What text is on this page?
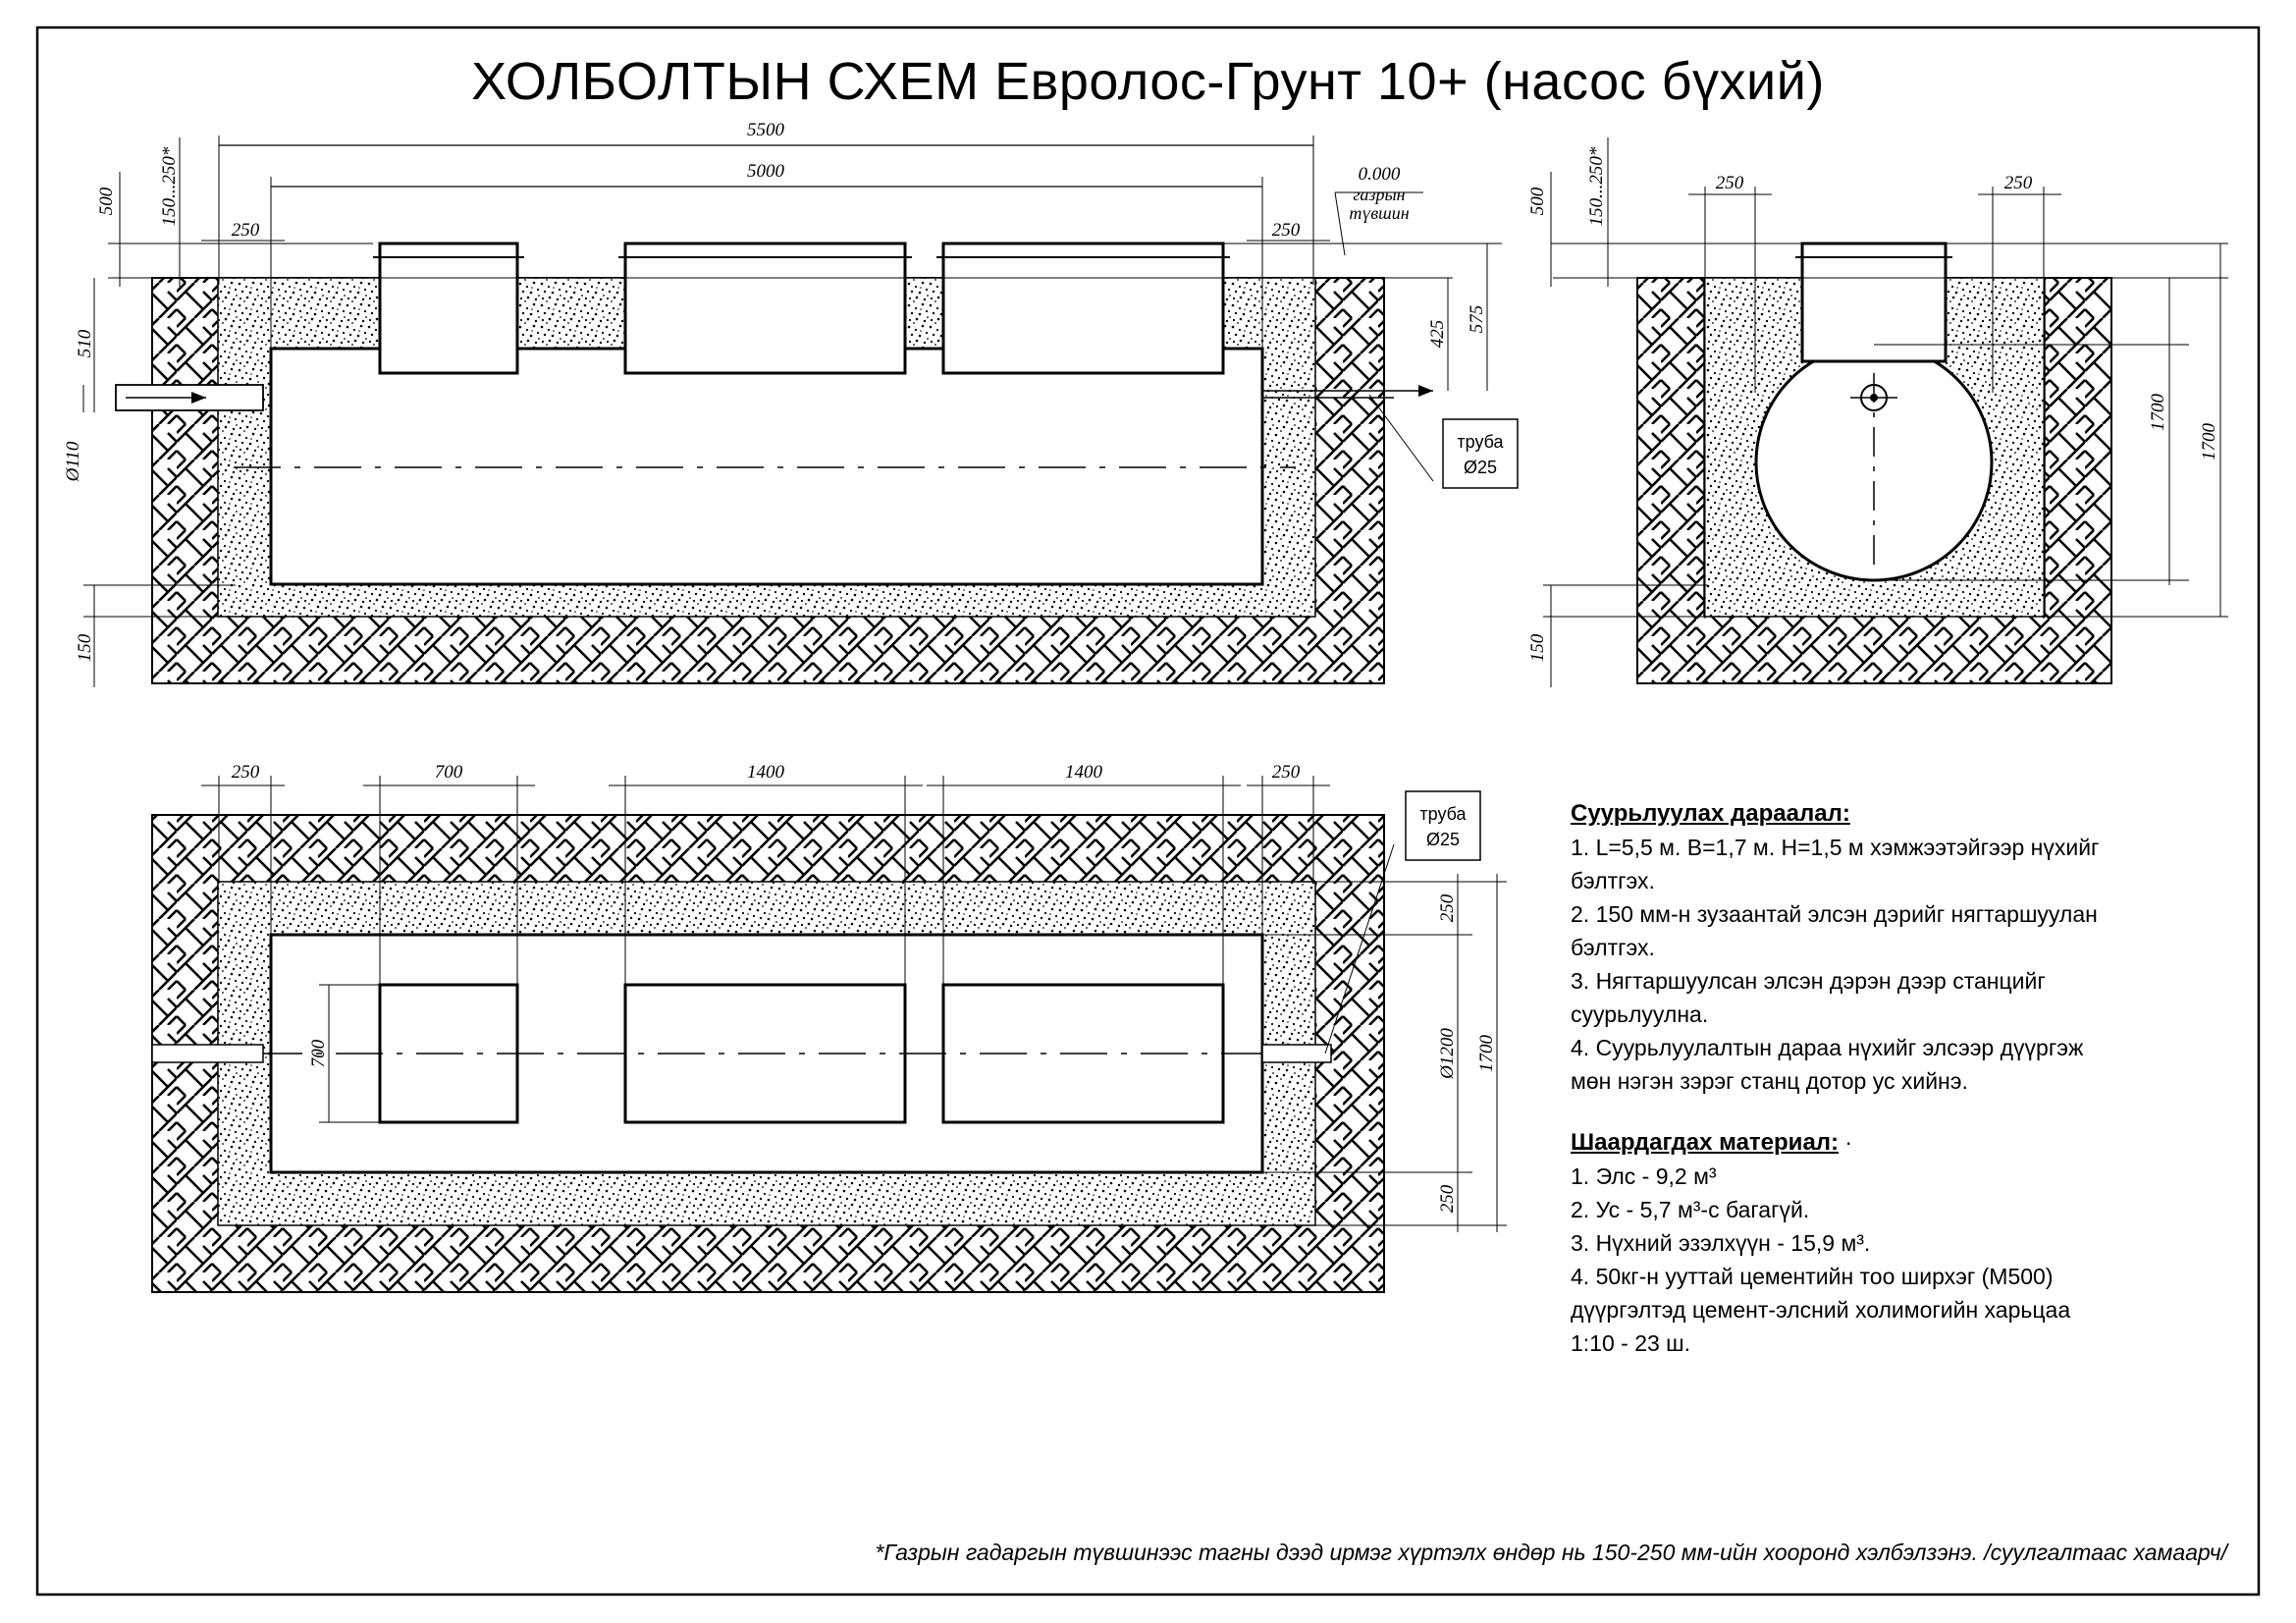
5500
5000
250	250
0.000
газрын
түвшин
500 150...250*
510
Ø110
150
425
575
труба
Ø25
250	250
500 150...250*
150
1700
1700
250	700	1400	1400	250
700
250
Ø1200
250
1700
труба
Ø25
ХОЛБОЛТЫН СХЕМ Евролос-Грунт 10+ (насос бүхий)
Суурьлуулах дараалал:
1. L=5,5 м. B=1,7 м. H=1,5 м хэмжээтэйгээр нүхийг
бэлтгэх.
2. 150 мм-н зузаантай элсэн дэрийг нягтаршуулан
бэлтгэх.
3. Нягтаршуулсан элсэн дэрэн дээр станцийг
суурьлуулна.
4. Суурьлуулалтын дараа нүхийг элсээр дүүргэж
мөн нэгэн зэрэг станц дотор ус хийнэ.
Шаардагдах материал: ·
1. Элс - 9,2 м³
2. Ус - 5,7 м³-с багагүй.
3. Нүхний эзэлхүүн - 15,9 м³.
4. 50кг-н ууттай цементийн тоо ширхэг (М500)
дүүргэлтэд цемент-элсний холимогийн харьцаа
1:10 - 23 ш.
*Газрын гадаргын түвшинээс тагны дээд ирмэг хүртэлх өндөр нь 150-250 мм-ийн хооронд хэлбэлзэнэ. /суулгалтаас хамаарч/
